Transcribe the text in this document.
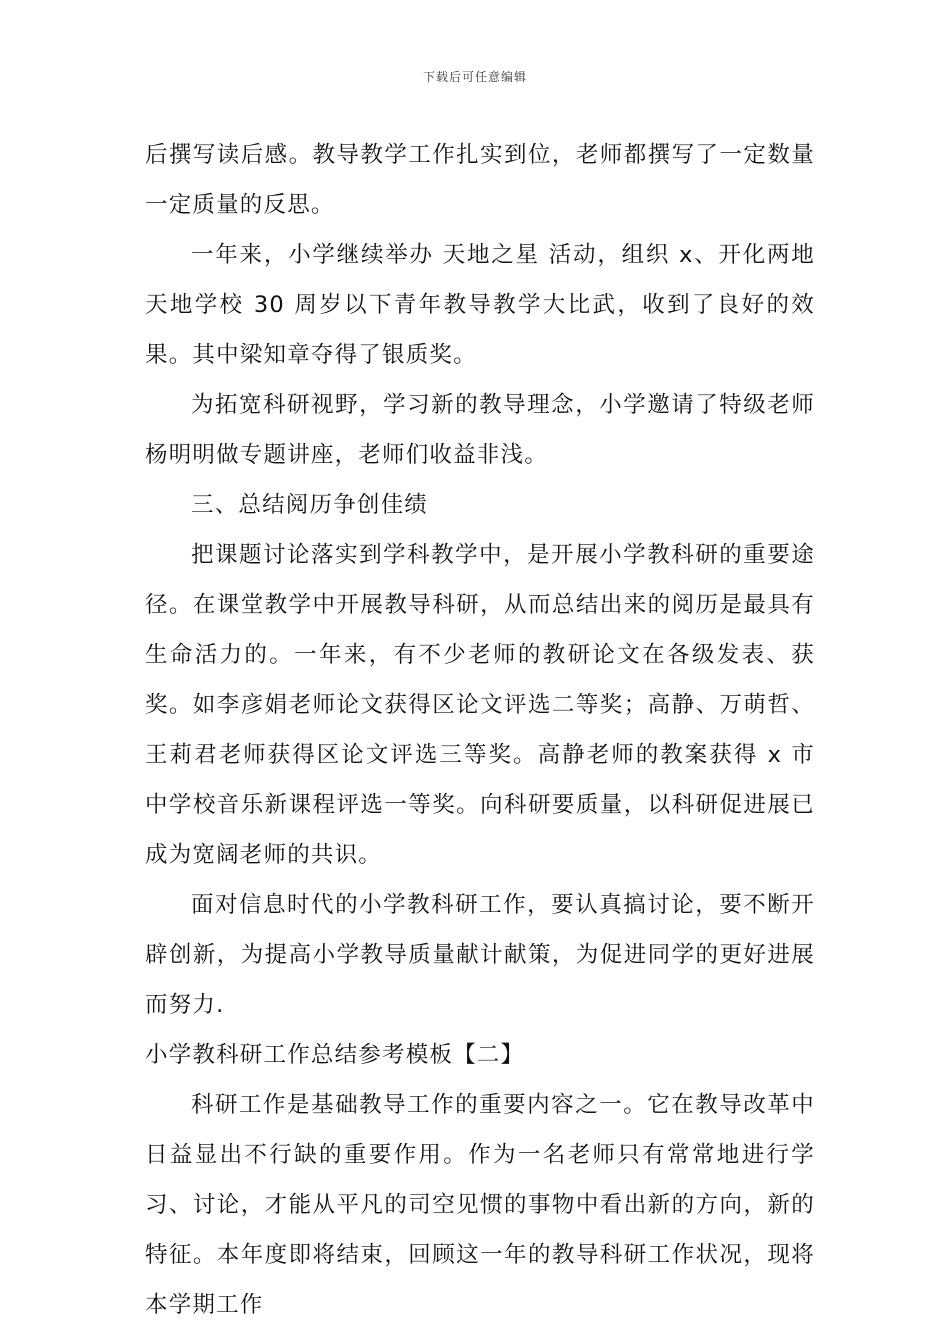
下载后可任意编辑

后撰写读后感。教导教学工作扎实到位，老师都撰写了一定数量一定质量的反思。

一年来，小学继续举办 天地之星 活动，组织 x、开化两地天地学校 30 周岁以下青年教导教学大比武，收到了良好的效果。其中梁知章夺得了银质奖。

为拓宽科研视野，学习新的教导理念，小学邀请了特级老师杨明明做专题讲座，老师们收益非浅。

三、总结阅历争创佳绩

把课题讨论落实到学科教学中，是开展小学教科研的重要途径。在课堂教学中开展教导科研，从而总结出来的阅历是最具有生命活力的。一年来，有不少老师的教研论文在各级发表、获奖。如李彦娟老师论文获得区论文评选二等奖；高静、万萌哲、王莉君老师获得区论文评选三等奖。高静老师的教案获得 x 市中学校音乐新课程评选一等奖。向科研要质量，以科研促进展已成为宽阔老师的共识。

面对信息时代的小学教科研工作，要认真搞讨论，要不断开辟创新，为提高小学教导质量献计献策，为促进同学的更好进展而努力.

小学教科研工作总结参考模板【二】

科研工作是基础教导工作的重要内容之一。它在教导改革中日益显出不行缺的重要作用。作为一名老师只有常常地进行学习、讨论，才能从平凡的司空见惯的事物中看出新的方向，新的特征。本年度即将结束，回顾这一年的教导科研工作状况，现将本学期工作
